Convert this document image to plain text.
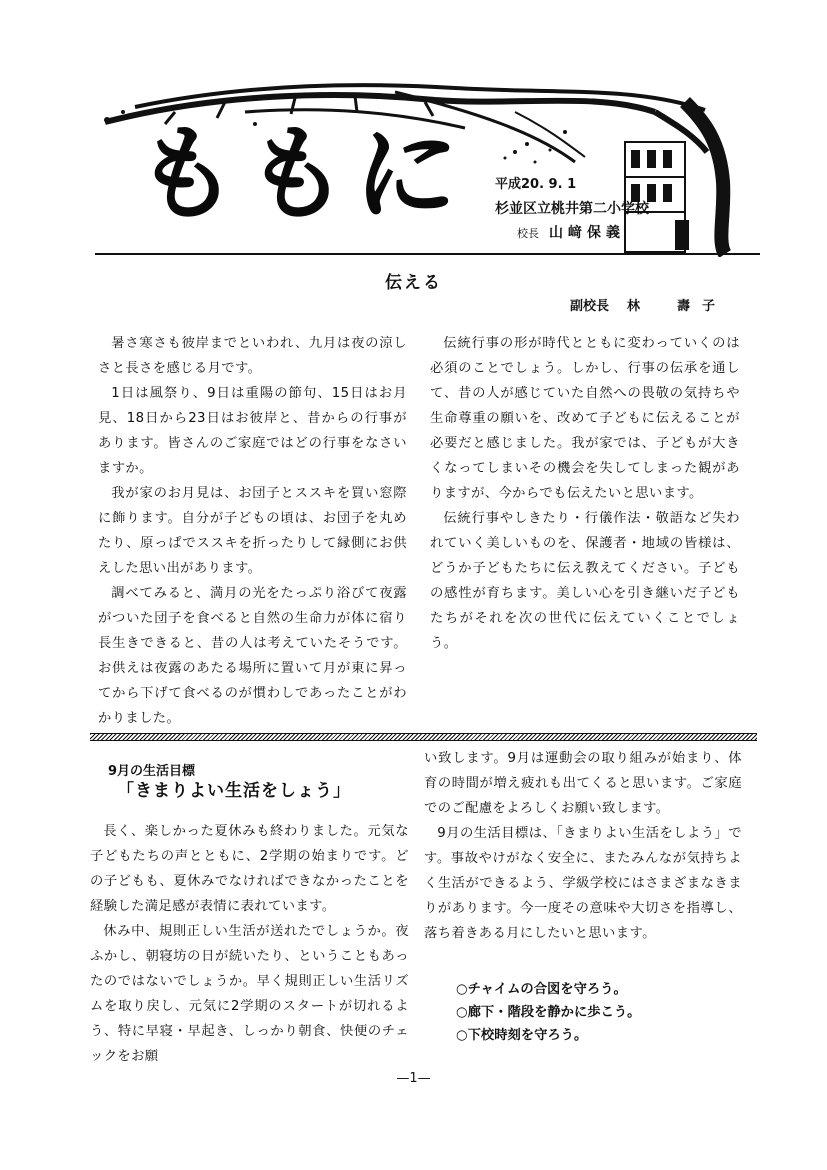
ももに 平成20. 9. 1
杉並区立桃井第二小学校
校長 山﨑保義
伝える
副校長 林　壽子

暑さ寒さも彼岸までといわれ、九月は夜の涼しさと長さを感じる月です。

1日は風祭り、9日は重陽の節句、15日はお月見、18日から23日はお彼岸と、昔からの行事があります。皆さんのご家庭ではどの行事をなさいますか。

我が家のお月見は、お団子とススキを買い窓際に飾ります。自分が子どもの頃は、お団子を丸めたり、原っぱでススキを折ったりして縁側にお供えした思い出があります。

調べてみると、満月の光をたっぷり浴びて夜露がついた団子を食べると自然の生命力が体に宿り長生きできると、昔の人は考えていたそうです。お供えは夜露のあたる場所に置いて月が東に昇ってから下げて食べるのが慣わしであったことがわかりました。

伝統行事の形が時代とともに変わっていくのは必須のことでしょう。しかし、行事の伝承を通して、昔の人が感じていた自然への畏敬の気持ちや生命尊重の願いを、改めて子どもに伝えることが必要だと感じました。我が家では、子どもが大きくなってしまいその機会を失してしまった観がありますが、今からでも伝えたいと思います。

伝統行事やしきたり・行儀作法・敬語など失われていく美しいものを、保護者・地域の皆様は、どうか子どもたちに伝え教えてください。子どもの感性が育ちます。美しい心を引き継いだ子どもたちがそれを次の世代に伝えていくことでしょう。

9月の生活目標
「きまりよい生活をしょう」

長く、楽しかった夏休みも終わりました。元気な子どもたちの声とともに、2学期の始まりです。どの子どもも、夏休みでなければできなかったことを経験した満足感が表情に表れています。

休み中、規則正しい生活が送れたでしょうか。夜ふかし、朝寝坊の日が続いたり、ということもあったのではないでしょうか。早く規則正しい生活リズムを取り戻し、元気に2学期のスタートが切れるよう、特に早寝・早起き、しっかり朝食、快便のチェックをお願

い致します。9月は運動会の取り組みが始まり、体育の時間が増え疲れも出てくると思います。ご家庭でのご配慮をよろしくお願い致します。

9月の生活目標は、「きまりよい生活をしよう」です。事故やけがなく安全に、またみんなが気持ちよく生活ができるよう、学級学校にはさまざまなきまりがあります。今一度その意味や大切さを指導し、落ち着きある月にしたいと思います。

○チャイムの合図を守ろう。
○廊下・階段を静かに歩こう。
○下校時刻を守ろう。
—1—
